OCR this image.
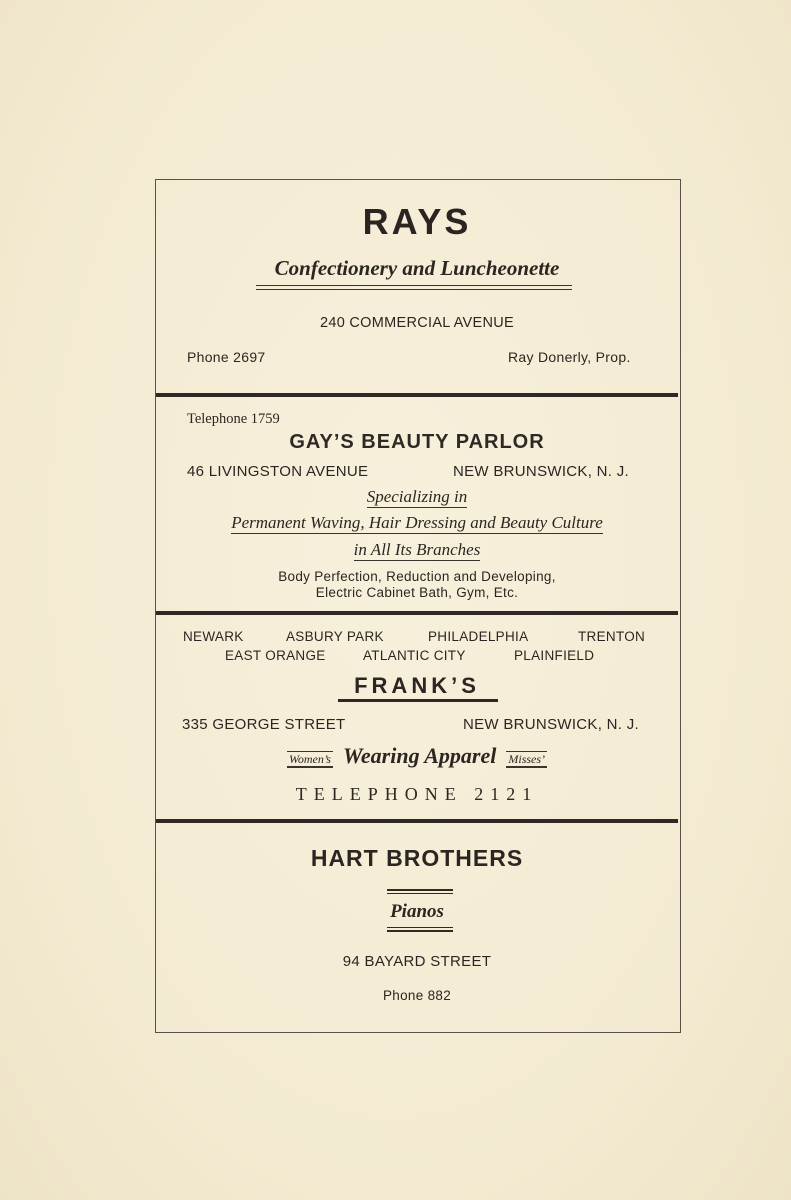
RAYS
Confectionery and Luncheonette
240 COMMERCIAL AVENUE
Phone 2697	Ray Donerly, Prop.
Telephone 1759
GAY’S BEAUTY PARLOR
46 LIVINGSTON AVENUE	NEW BRUNSWICK, N. J.
Specializing in
Permanent Waving, Hair Dressing and Beauty Culture
in All Its Branches
Body Perfection, Reduction and Developing,
Electric Cabinet Bath, Gym, Etc.
NEWARK	ASBURY PARK	PHILADELPHIA	TRENTON
EAST ORANGE	ATLANTIC CITY	PLAINFIELD
FRANK’S
335 GEORGE STREET	NEW BRUNSWICK, N. J.
Women’s Wearing Apparel Misses’
TELEPHONE 2121
HART BROTHERS
Pianos
94 BAYARD STREET
Phone 882
